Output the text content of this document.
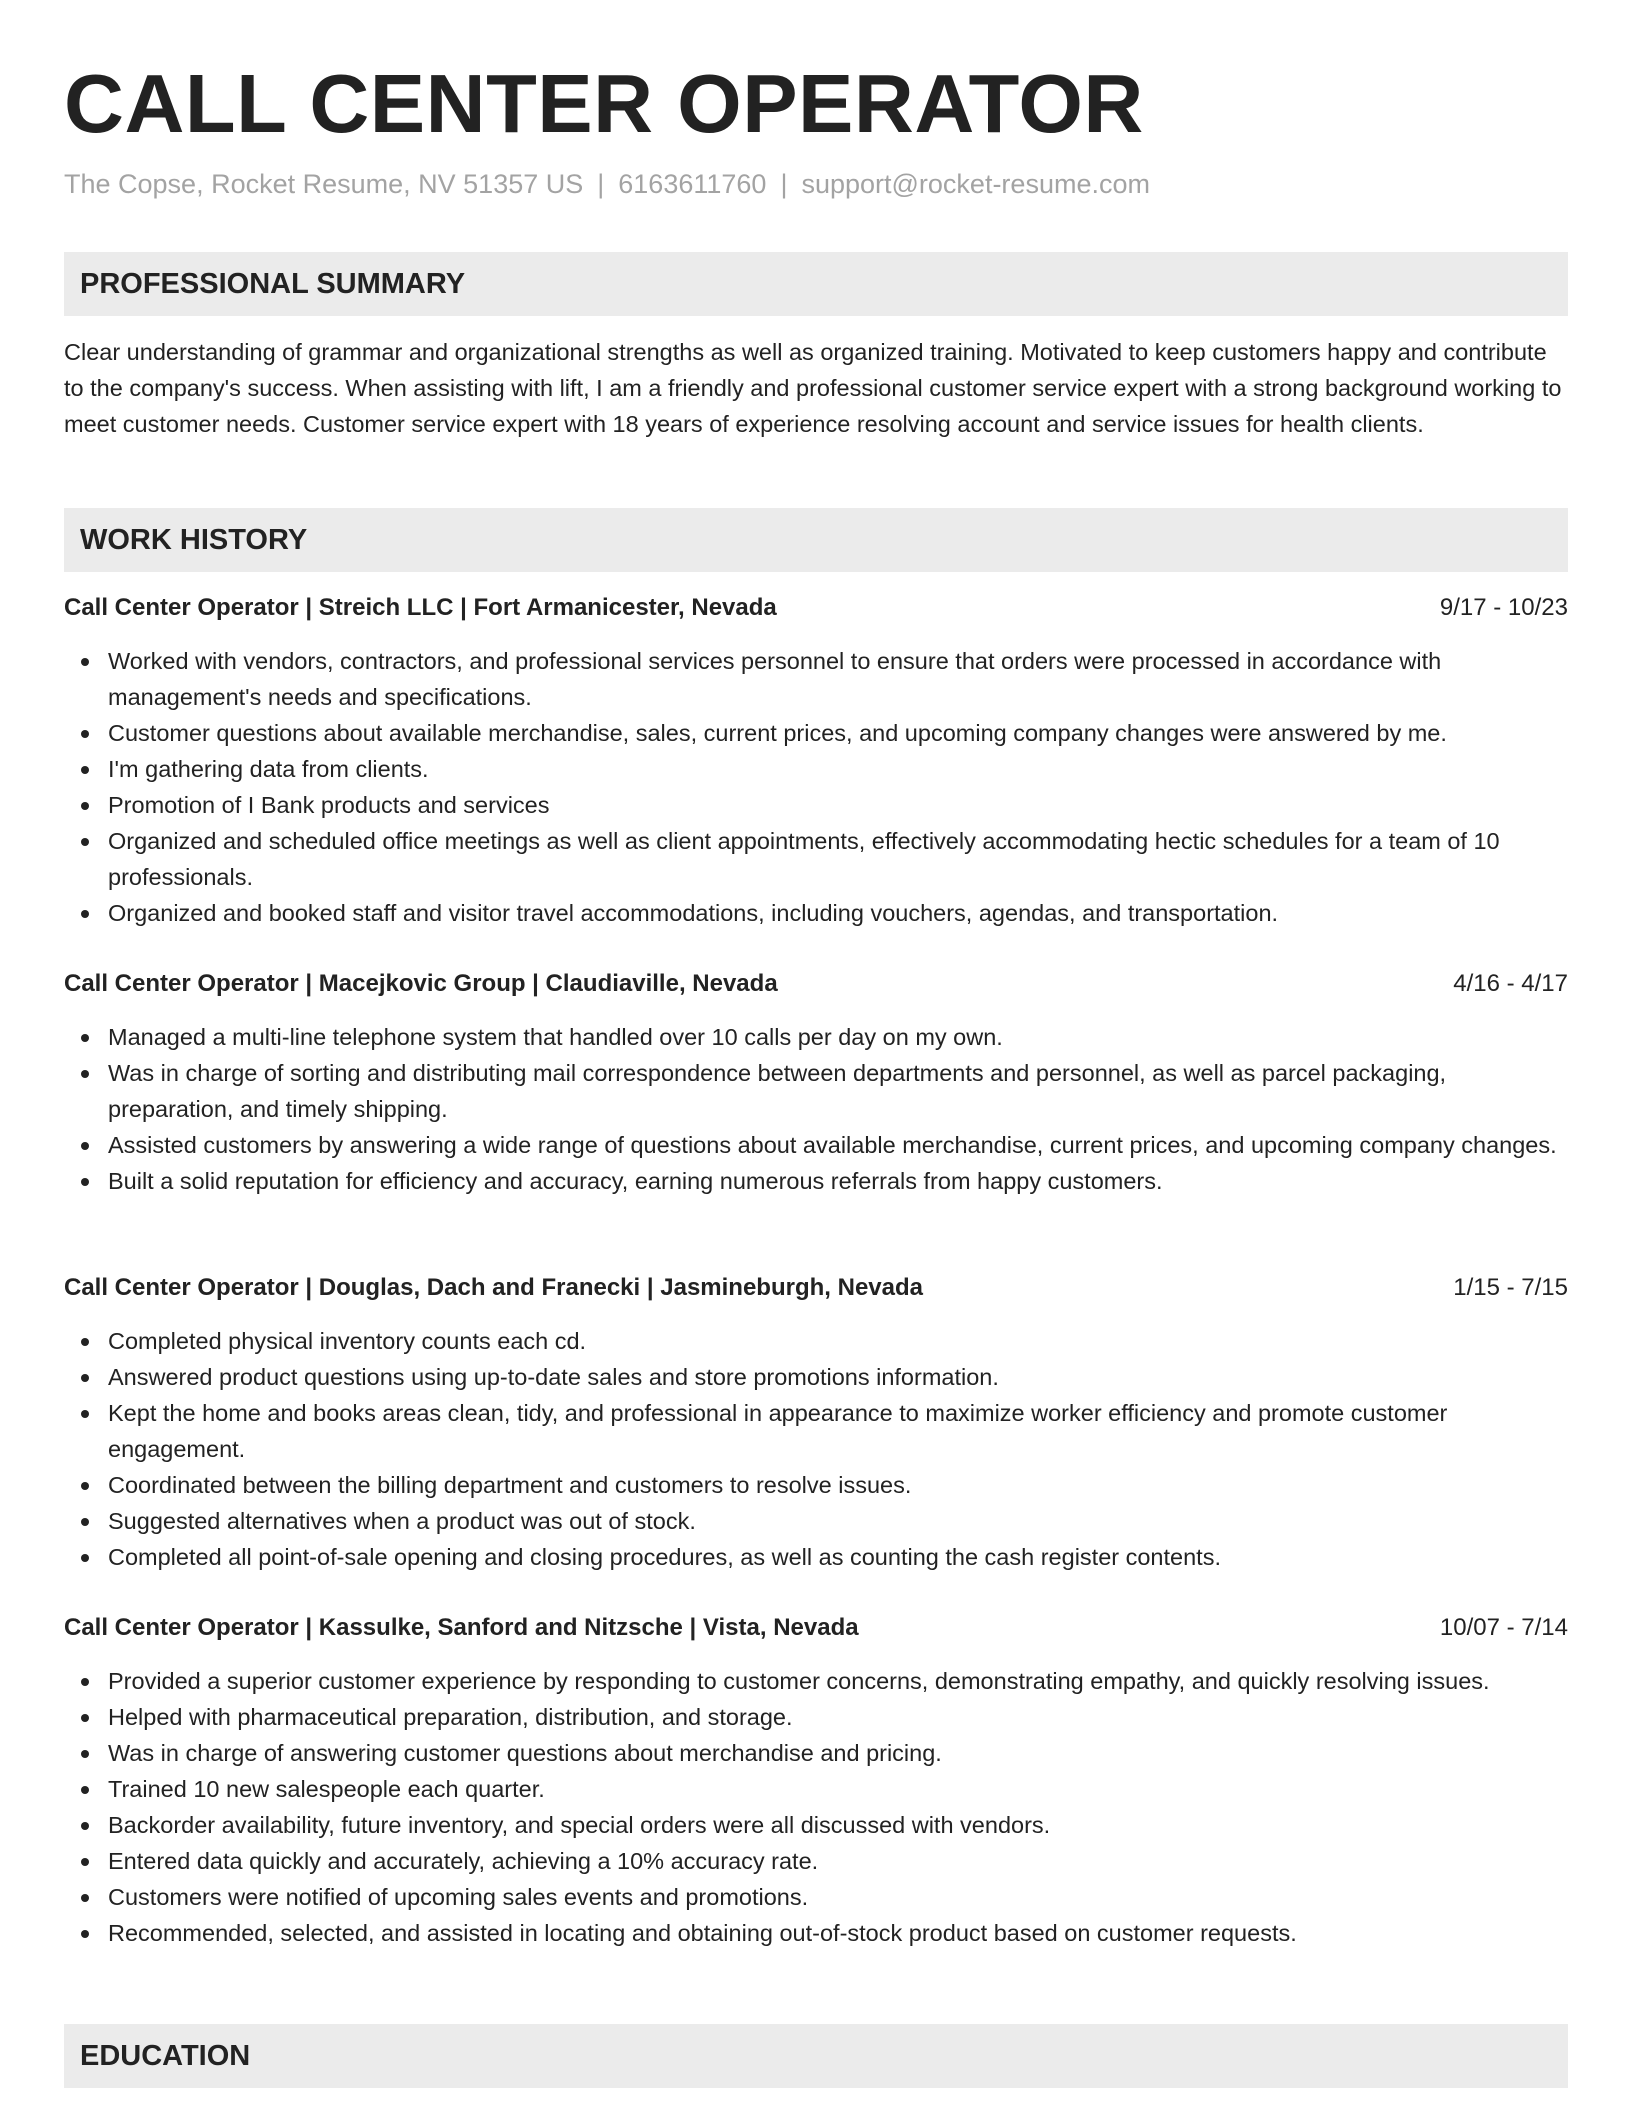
CALL CENTER OPERATOR
The Copse, Rocket Resume, NV 51357 US | 6163611760 | support@rocket-resume.com
PROFESSIONAL SUMMARY

Clear understanding of grammar and organizational strengths as well as organized training. Motivated to keep customers happy and contribute to the company's success. When assisting with lift, I am a friendly and professional customer service expert with a strong background working to meet customer needs. Customer service expert with 18 years of experience resolving account and service issues for health clients.

WORK HISTORY
Call Center Operator | Streich LLC | Fort Armanicester, Nevada	9/17 - 10/23
Worked with vendors, contractors, and professional services personnel to ensure that orders were processed in accordance with management's needs and specifications.
Customer questions about available merchandise, sales, current prices, and upcoming company changes were answered by me.
I'm gathering data from clients.
Promotion of I Bank products and services
Organized and scheduled office meetings as well as client appointments, effectively accommodating hectic schedules for a team of 10 professionals.
Organized and booked staff and visitor travel accommodations, including vouchers, agendas, and transportation.
Call Center Operator | Macejkovic Group | Claudiaville, Nevada	4/16 - 4/17
Managed a multi-line telephone system that handled over 10 calls per day on my own.
Was in charge of sorting and distributing mail correspondence between departments and personnel, as well as parcel packaging, preparation, and timely shipping.
Assisted customers by answering a wide range of questions about available merchandise, current prices, and upcoming company changes.
Built a solid reputation for efficiency and accuracy, earning numerous referrals from happy customers.
Call Center Operator | Douglas, Dach and Franecki | Jasmineburgh, Nevada	1/15 - 7/15
Completed physical inventory counts each cd.
Answered product questions using up-to-date sales and store promotions information.
Kept the home and books areas clean, tidy, and professional in appearance to maximize worker efficiency and promote customer engagement.
Coordinated between the billing department and customers to resolve issues.
Suggested alternatives when a product was out of stock.
Completed all point-of-sale opening and closing procedures, as well as counting the cash register contents.
Call Center Operator | Kassulke, Sanford and Nitzsche | Vista, Nevada	10/07 - 7/14
Provided a superior customer experience by responding to customer concerns, demonstrating empathy, and quickly resolving issues.
Helped with pharmaceutical preparation, distribution, and storage.
Was in charge of answering customer questions about merchandise and pricing.
Trained 10 new salespeople each quarter.
Backorder availability, future inventory, and special orders were all discussed with vendors.
Entered data quickly and accurately, achieving a 10% accuracy rate.
Customers were notified of upcoming sales events and promotions.
Recommended, selected, and assisted in locating and obtaining out-of-stock product based on customer requests.
EDUCATION
